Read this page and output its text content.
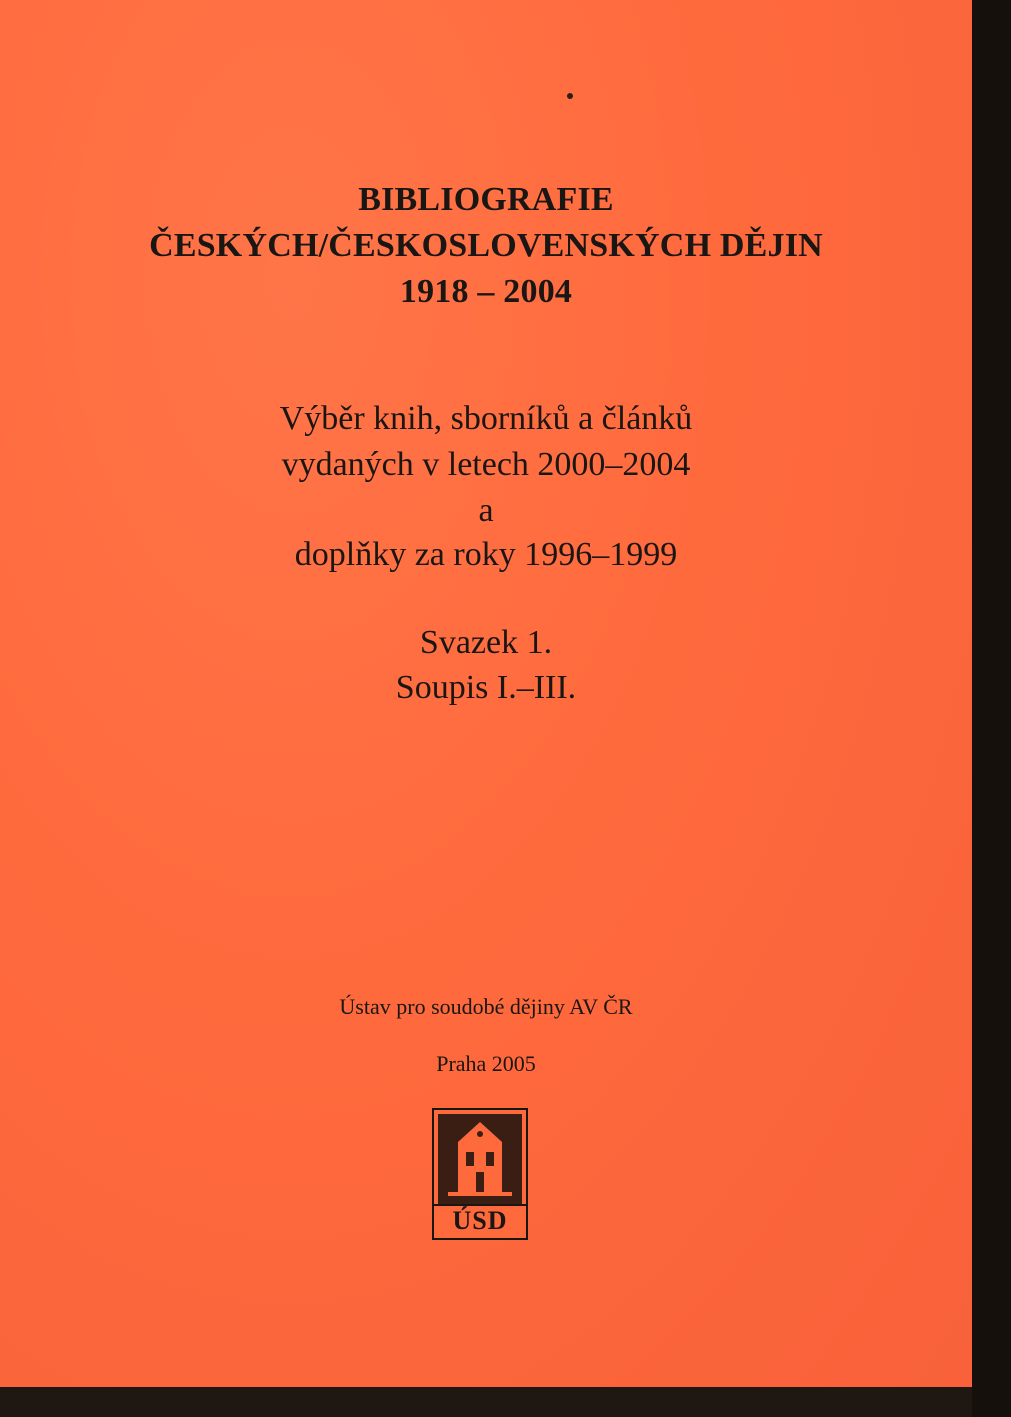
BIBLIOGRAFIE
ČESKÝCH/ČESKOSLOVENSKÝCH DĚJIN
1918 – 2004
Výběr knih, sborníků a článků
vydaných v letech 2000–2004
a
doplňky za roky 1996–1999
Svazek 1.
Soupis I.–III.
Ústav pro soudobé dějiny AV ČR
Praha 2005
ÚSD
